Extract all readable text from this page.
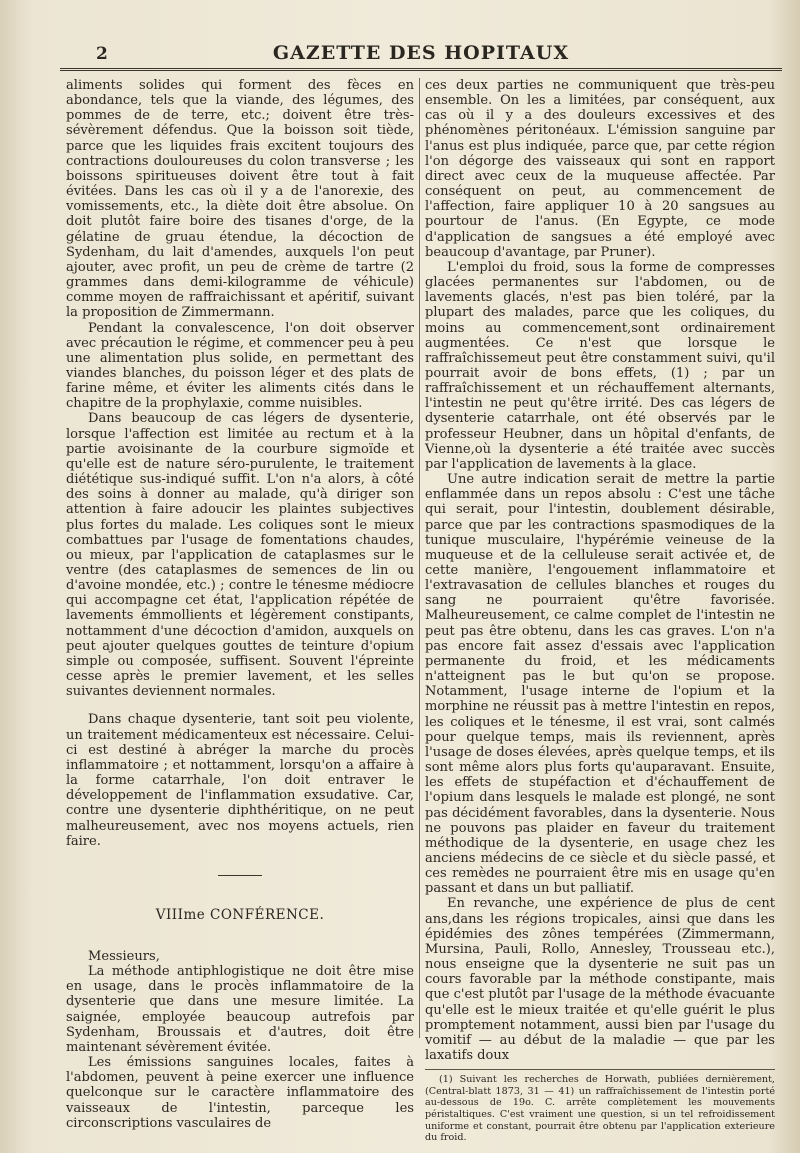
2	GAZETTE DES HOPITAUX

aliments solides qui forment des fèces en abondance, tels que la viande, des légumes, des pommes de de terre, etc.; doivent être très-sévèrement défendus. Que la boisson soit tiède, parce que les liquides frais excitent toujours des contractions douloureuses du colon transverse ; les boissons spiritueuses doivent être tout à fait évitées. Dans les cas où il y a de l'anorexie, des vomissements, etc., la diète doit être absolue. On doit plutôt faire boire des tisanes d'orge, de la gélatine de gruau étendue, la décoction de Sydenham, du lait d'amendes, auxquels l'on peut ajouter, avec profit, un peu de crème de tartre (2 grammes dans demi-kilogramme de véhicule) comme moyen de raffraichissant et apéritif, suivant la proposition de Zimmermann.

Pendant la convalescence, l'on doit observer avec précaution le régime, et commencer peu à peu une alimentation plus solide, en permettant des viandes blanches, du poisson léger et des plats de farine même, et éviter les aliments cités dans le chapitre de la prophylaxie, comme nuisibles.

Dans beaucoup de cas légers de dysenterie, lorsque l'affection est limitée au rectum et à la partie avoisinante de la courbure sigmoïde et qu'elle est de nature séro-purulente, le traitement diététique sus-indiqué suffit. L'on n'a alors, à côté des soins à donner au malade, qu'à diriger son attention à faire adoucir les plaintes subjectives plus fortes du malade. Les coliques sont le mieux combattues par l'usage de fomentations chaudes, ou mieux, par l'application de cataplasmes sur le ventre (des cataplasmes de semences de lin ou d'avoine mondée, etc.) ; contre le ténesme médiocre qui accompagne cet état, l'application répétée de lavements émmollients et légèrement constipants, nottamment d'une décoction d'amidon, auxquels on peut ajouter quelques gouttes de teinture d'opium simple ou composée, suffisent. Souvent l'épreinte cesse après le premier lavement, et les selles suivantes deviennent normales.

Dans chaque dysenterie, tant soit peu violente, un traitement médicamenteux est nécessaire. Celui-ci est destiné à abréger la marche du procès inflammatoire ; et nottamment, lorsqu'on a affaire à la forme catarrhale, l'on doit entraver le développement de l'inflammation exsudative. Car, contre une dysenterie diphthéritique, on ne peut malheureusement, avec nos moyens actuels, rien faire.

VIIIme CONFÉRENCE.

Messieurs,

La méthode antiphlogistique ne doit être mise en usage, dans le procès inflammatoire de la dysenterie que dans une mesure limitée. La saignée, employée beaucoup autrefois par Sydenham, Broussais et d'autres, doit être maintenant sévèrement évitée.

Les émissions sanguines locales, faites à l'abdomen, peuvent à peine exercer une influence quelconque sur le caractère inflammatoire des vaisseaux de l'intestin, parceque les circonscriptions vasculaires de

ces deux parties ne communiquent que très-peu ensemble. On les a limitées, par conséquent, aux cas où il y a des douleurs excessives et des phénomènes péritonéaux. L'émission sanguine par l'anus est plus indiquée, parce que, par cette région l'on dégorge des vaisseaux qui sont en rapport direct avec ceux de la muqueuse affectée. Par conséquent on peut, au commencement de l'affection, faire appliquer 10 à 20 sangsues au pourtour de l'anus. (En Egypte, ce mode d'application de sangsues a été employé avec beaucoup d'avantage, par Pruner).

L'emploi du froid, sous la forme de compresses glacées permanentes sur l'abdomen, ou de lavements glacés, n'est pas bien toléré, par la plupart des malades, parce que les coliques, du moins au commencement,sont ordinairement augmentées. Ce n'est que lorsque le raffraîchissemeut peut être constamment suivi, qu'il pourrait avoir de bons effets, (1) ; par un raffraîchissement et un réchauffement alternants, l'intestin ne peut qu'être irrité. Des cas légers de dysenterie catarrhale, ont été observés par le professeur Heubner, dans un hôpital d'enfants, de Vienne,où la dysenterie a été traitée avec succès par l'application de lavements à la glace.

Une autre indication serait de mettre la partie enflammée dans un repos absolu : C'est une tâche qui serait, pour l'intestin, doublement désirable, parce que par les contractions spasmodiques de la tunique musculaire, l'hypérémie veineuse de la muqueuse et de la celluleuse serait activée et, de cette manière, l'engouement inflammatoire et l'extravasation de cellules blanches et rouges du sang ne pourraient qu'être favorisée. Malheureusement, ce calme complet de l'intestin ne peut pas être obtenu, dans les cas graves. L'on n'a pas encore fait assez d'essais avec l'application permanente du froid, et les médicaments n'atteignent pas le but qu'on se propose. Notamment, l'usage interne de l'opium et la morphine ne réussit pas à mettre l'intestin en repos, les coliques et le ténesme, il est vrai, sont calmés pour quelque temps, mais ils reviennent, après l'usage de doses élevées, après quelque temps, et ils sont même alors plus forts qu'auparavant. Ensuite, les effets de stupéfaction et d'échauffement de l'opium dans lesquels le malade est plongé, ne sont pas décidément favorables, dans la dysenterie. Nous ne pouvons pas plaider en faveur du traitement méthodique de la dysenterie, en usage chez les anciens médecins de ce siècle et du siècle passé, et ces remèdes ne pourraient être mis en usage qu'en passant et dans un but palliatif.

En revanche, une expérience de plus de cent ans,dans les régions tropicales, ainsi que dans les épidémies des zônes tempérées (Zimmermann, Mursina, Pauli, Rollo, Annesley, Trousseau etc.), nous enseigne que la dysenterie ne suit pas un cours favorable par la méthode constipante, mais que c'est plutôt par l'usage de la méthode évacuante qu'elle est le mieux traitée et qu'elle guérit le plus promptement notamment, aussi bien par l'usage du vomitif — au début de la maladie — que par les laxatifs doux

(1) Suivant les recherches de Horwath, publiées dernièrement, (Central-blatt 1873, 31 — 41) un raffraîchissement de l'intestin porté au-dessous de 19o. C. arrête complètement les mouvements péristaltiques. C'est vraiment une question, si un tel refroidissement uniforme et constant, pourrait être obtenu par l'application exterieure du froid.
